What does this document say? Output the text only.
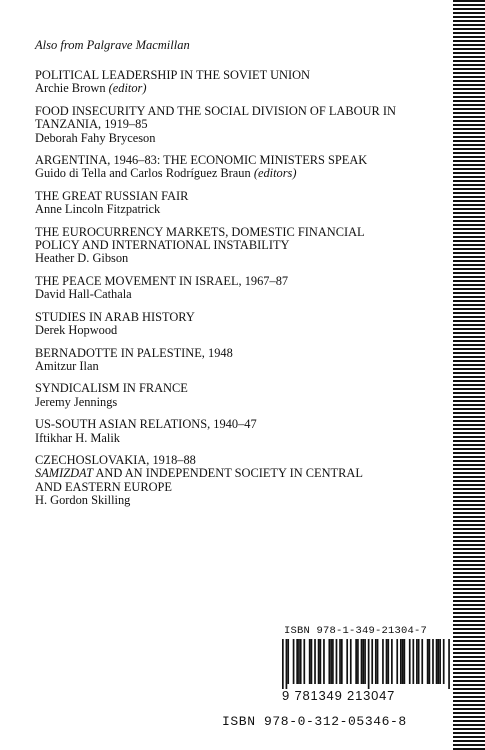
Also from Palgrave Macmillan
POLITICAL LEADERSHIP IN THE SOVIET UNION
Archie Brown (editor)
FOOD INSECURITY AND THE SOCIAL DIVISION OF LABOUR IN
TANZANIA, 1919–85
Deborah Fahy Bryceson
ARGENTINA, 1946–83: THE ECONOMIC MINISTERS SPEAK
Guido di Tella and Carlos Rodríguez Braun (editors)
THE GREAT RUSSIAN FAIR
Anne Lincoln Fitzpatrick
THE EUROCURRENCY MARKETS, DOMESTIC FINANCIAL
POLICY AND INTERNATIONAL INSTABILITY
Heather D. Gibson
THE PEACE MOVEMENT IN ISRAEL, 1967–87
David Hall-Cathala
STUDIES IN ARAB HISTORY
Derek Hopwood
BERNADOTTE IN PALESTINE, 1948
Amitzur Ilan
SYNDICALISM IN FRANCE
Jeremy Jennings
US-SOUTH ASIAN RELATIONS, 1940–47
Iftikhar H. Malik
CZECHOSLOVAKIA, 1918–88
SAMIZDAT AND AN INDEPENDENT SOCIETY IN CENTRAL
AND EASTERN EUROPE
H. Gordon Skilling
ISBN 978-1-349-21304-7
9 781349 213047
ISBN 978-0-312-05346-8
